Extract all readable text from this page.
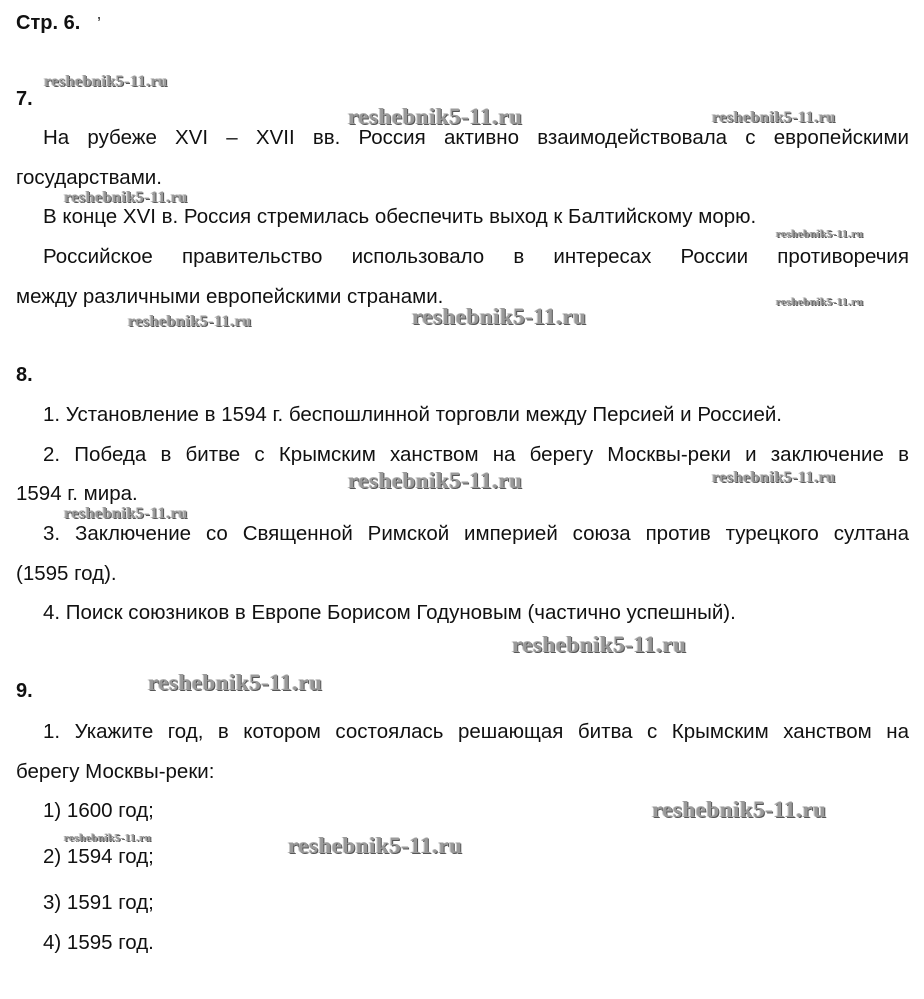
Стр. 6. ’
7.
На рубеже XVI – XVII вв. Россия активно взаимодействовала с европейскими
государствами.
В конце XVI в. Россия стремилась обеспечить выход к Балтийскому морю.
Российское правительство использовало в интересах России противоречия
между различными европейскими странами.
8.
1. Установление в 1594 г. беспошлинной торговли между Персией и Россией.
2. Победа в битве с Крымским ханством на берегу Москвы-реки и заключение в
1594 г. мира.
3. Заключение со Священной Римской империей союза против турецкого султана
(1595 год).
4. Поиск союзников в Европе Борисом Годуновым (частично успешный).
9.
1. Укажите год, в котором состоялась решающая битва с Крымским ханством на
берегу Москвы-реки:
1) 1600 год;
2) 1594 год;
3) 1591 год;
4) 1595 год.
reshebnik5-11.ru
reshebnik5-11.ru	reshebnik5-11.ru
reshebnik5-11.ru
reshebnik5-11.ru
reshebnik5-11.ru
reshebnik5-11.ru	reshebnik5-11.ru
reshebnik5-11.ru	reshebnik5-11.ru
reshebnik5-11.ru
reshebnik5-11.ru
reshebnik5-11.ru
reshebnik5-11.ru
reshebnik5-11.ru	reshebnik5-11.ru
